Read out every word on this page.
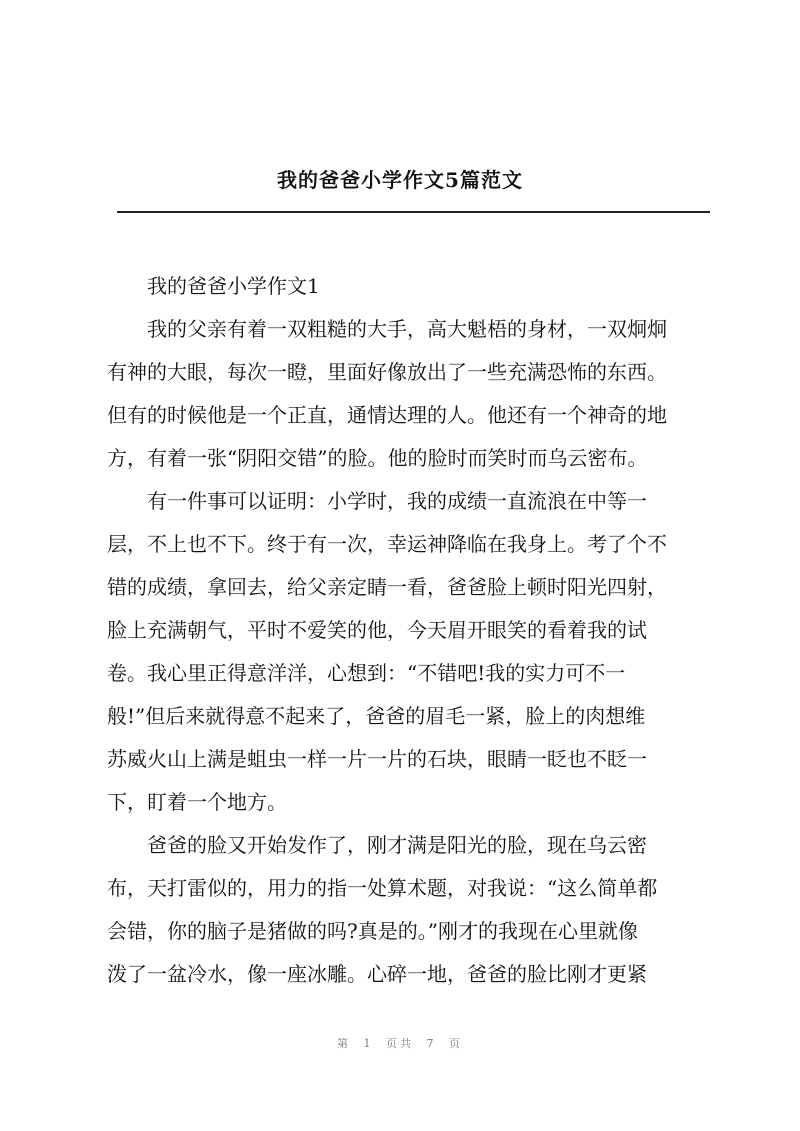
我的爸爸小学作文5篇范文
我的爸爸小学作文1
我的父亲有着一双粗糙的大手，高大魁梧的身材，一双炯炯
有神的大眼，每次一瞪，里面好像放出了一些充满恐怖的东西。
但有的时候他是一个正直，通情达理的人。他还有一个神奇的地
方，有着一张“阴阳交错”的脸。他的脸时而笑时而乌云密布。
有一件事可以证明：小学时，我的成绩一直流浪在中等一
层，不上也不下。终于有一次，幸运神降临在我身上。考了个不
错的成绩，拿回去，给父亲定睛一看，爸爸脸上顿时阳光四射，
脸上充满朝气，平时不爱笑的他，今天眉开眼笑的看着我的试
卷。我心里正得意洋洋，心想到：“不错吧!我的实力可不一
般!”但后来就得意不起来了，爸爸的眉毛一紧，脸上的肉想维
苏威火山上满是蛆虫一样一片一片的石块，眼睛一眨也不眨一
下，盯着一个地方。
爸爸的脸又开始发作了，刚才满是阳光的脸，现在乌云密
布，天打雷似的，用力的指一处算术题，对我说：“这么简单都
会错，你的脑子是猪做的吗?真是的。”刚才的我现在心里就像
泼了一盆冷水，像一座冰雕。心碎一地，爸爸的脸比刚才更紧
第 1 页共 7 页
